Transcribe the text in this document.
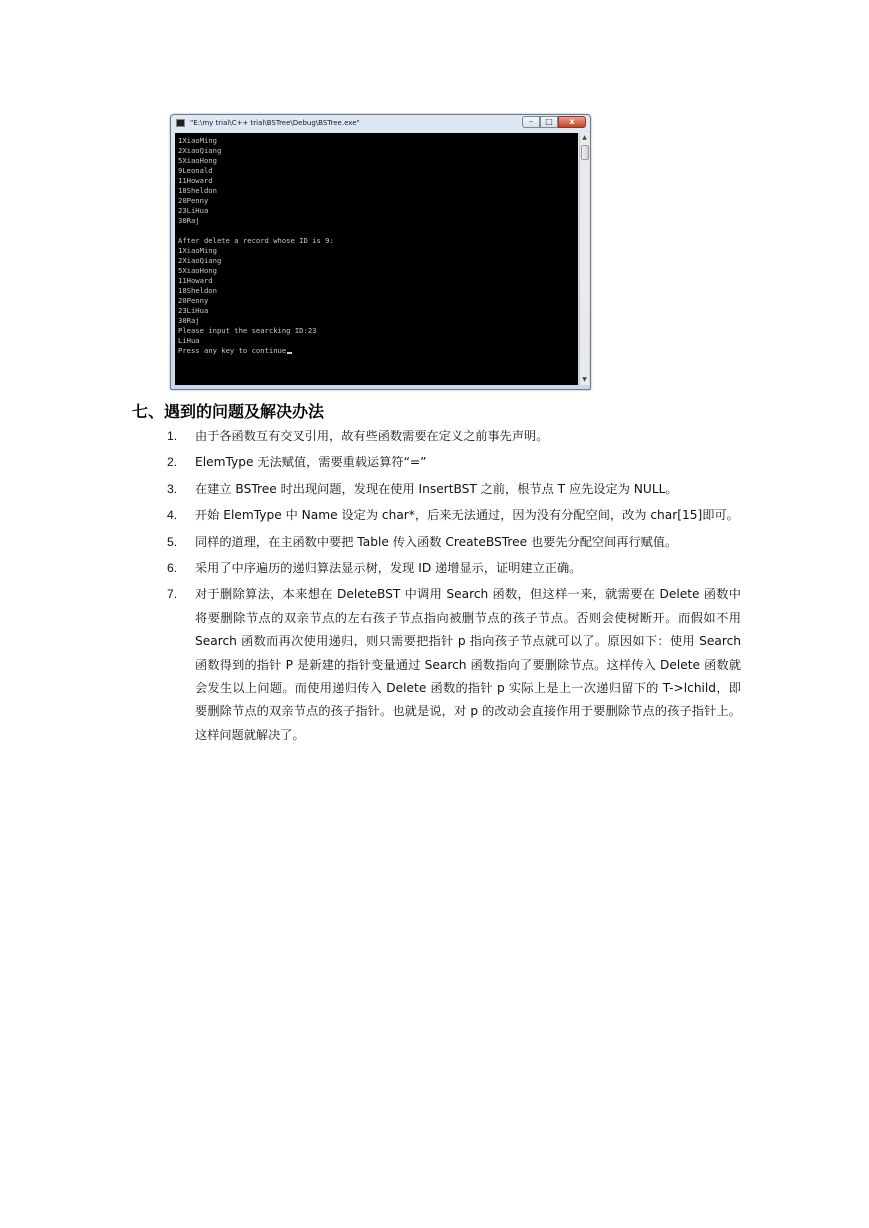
"E:\my trial\C++ trial\BSTree\Debug\BSTree.exe"	–	□	x
1XiaoMing
2XiaoQiang
5XiaoHong
9Leonald
11Howard
18Sheldon
20Penny
23LiHua
30Raj

After delete a record whose ID is 9:
1XiaoMing
2XiaoQiang
5XiaoHong
11Howard
18Sheldon
20Penny
23LiHua
30Raj
Please input the searcking ID:23
LiHua
Press any key to continue
▲
▼
七、遇到的问题及解决办法
1.	由于各函数互有交叉引用，故有些函数需要在定义之前事先声明。
2.	ElemType 无法赋值，需要重载运算符“=”
3.	在建立 BSTree 时出现问题，发现在使用 InsertBST 之前，根节点 T 应先设定为 NULL。
4.	开始 ElemType 中 Name 设定为 char*，后来无法通过，因为没有分配空间，改为 char[15]即可。
5.	同样的道理，在主函数中要把 Table 传入函数 CreateBSTree 也要先分配空间再行赋值。
6.	采用了中序遍历的递归算法显示树，发现 ID 递增显示，证明建立正确。
7.	对于删除算法，本来想在 DeleteBST 中调用 Search 函数，但这样一来，就需要在 Delete 函数中将要删除节点的双亲节点的左右孩子节点指向被删节点的孩子节点。否则会使树断开。而假如不用 Search 函数而再次使用递归，则只需要把指针 p 指向孩子节点就可以了。原因如下：使用 Search 函数得到的指针 P 是新建的指针变量通过 Search 函数指向了要删除节点。这样传入 Delete 函数就会发生以上问题。而使用递归传入 Delete 函数的指针 p 实际上是上一次递归留下的 T->lchild，即要删除节点的双亲节点的孩子指针。也就是说，对 p 的改动会直接作用于要删除节点的孩子指针上。这样问题就解决了。
